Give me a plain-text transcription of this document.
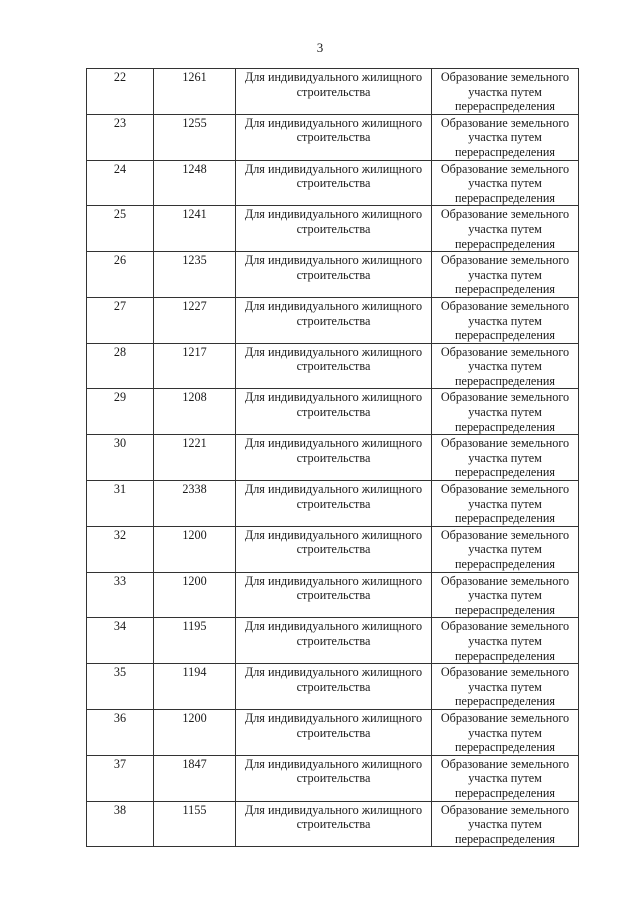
3
22	1261	Для индивидуального жилищного строительства	Образование земельного участка путем перераспределения
23	1255	Для индивидуального жилищного строительства	Образование земельного участка путем перераспределения
24	1248	Для индивидуального жилищного строительства	Образование земельного участка путем перераспределения
25	1241	Для индивидуального жилищного строительства	Образование земельного участка путем перераспределения
26	1235	Для индивидуального жилищного строительства	Образование земельного участка путем перераспределения
27	1227	Для индивидуального жилищного строительства	Образование земельного участка путем перераспределения
28	1217	Для индивидуального жилищного строительства	Образование земельного участка путем перераспределения
29	1208	Для индивидуального жилищного строительства	Образование земельного участка путем перераспределения
30	1221	Для индивидуального жилищного строительства	Образование земельного участка путем перераспределения
31	2338	Для индивидуального жилищного строительства	Образование земельного участка путем перераспределения
32	1200	Для индивидуального жилищного строительства	Образование земельного участка путем перераспределения
33	1200	Для индивидуального жилищного строительства	Образование земельного участка путем перераспределения
34	1195	Для индивидуального жилищного строительства	Образование земельного участка путем перераспределения
35	1194	Для индивидуального жилищного строительства	Образование земельного участка путем перераспределения
36	1200	Для индивидуального жилищного строительства	Образование земельного участка путем перераспределения
37	1847	Для индивидуального жилищного строительства	Образование земельного участка путем перераспределения
38	1155	Для индивидуального жилищного строительства	Образование земельного участка путем перераспределения
